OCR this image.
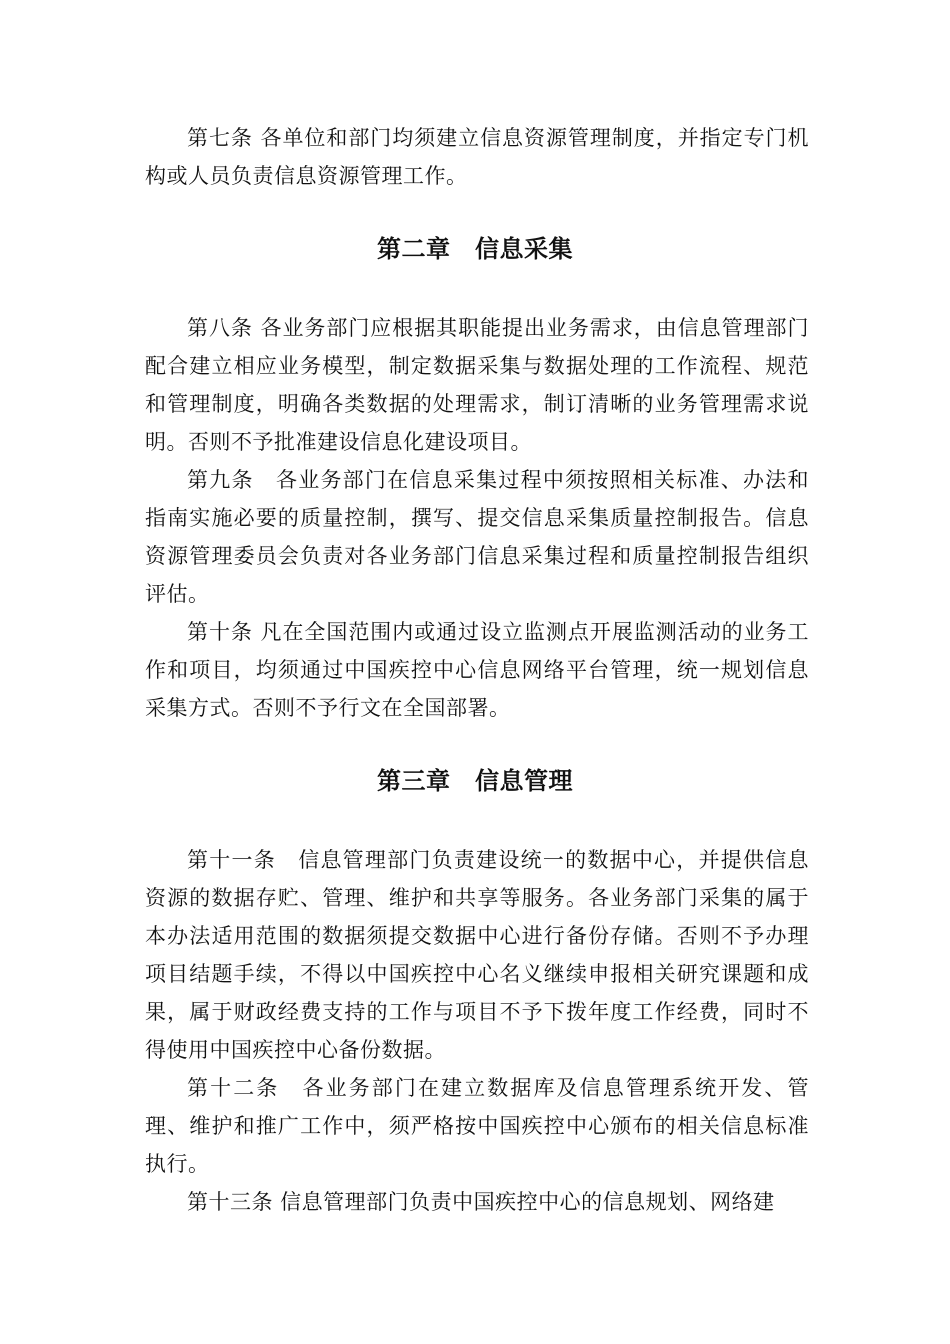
第七条 各单位和部门均须建立信息资源管理制度，并指定专门机构或人员负责信息资源管理工作。

第二章　信息采集

第八条 各业务部门应根据其职能提出业务需求，由信息管理部门配合建立相应业务模型，制定数据采集与数据处理的工作流程、规范和管理制度，明确各类数据的处理需求，制订清晰的业务管理需求说明。否则不予批准建设信息化建设项目。

第九条　各业务部门在信息采集过程中须按照相关标准、办法和指南实施必要的质量控制，撰写、提交信息采集质量控制报告。信息资源管理委员会负责对各业务部门信息采集过程和质量控制报告组织评估。

第十条 凡在全国范围内或通过设立监测点开展监测活动的业务工作和项目，均须通过中国疾控中心信息网络平台管理，统一规划信息采集方式。否则不予行文在全国部署。

第三章　信息管理

第十一条　信息管理部门负责建设统一的数据中心，并提供信息资源的数据存贮、管理、维护和共享等服务。各业务部门采集的属于本办法适用范围的数据须提交数据中心进行备份存储。否则不予办理项目结题手续，不得以中国疾控中心名义继续申报相关研究课题和成果，属于财政经费支持的工作与项目不予下拨年度工作经费，同时不得使用中国疾控中心备份数据。

第十二条　各业务部门在建立数据库及信息管理系统开发、管理、维护和推广工作中，须严格按中国疾控中心颁布的相关信息标准执行。

第十三条 信息管理部门负责中国疾控中心的信息规划、网络建
